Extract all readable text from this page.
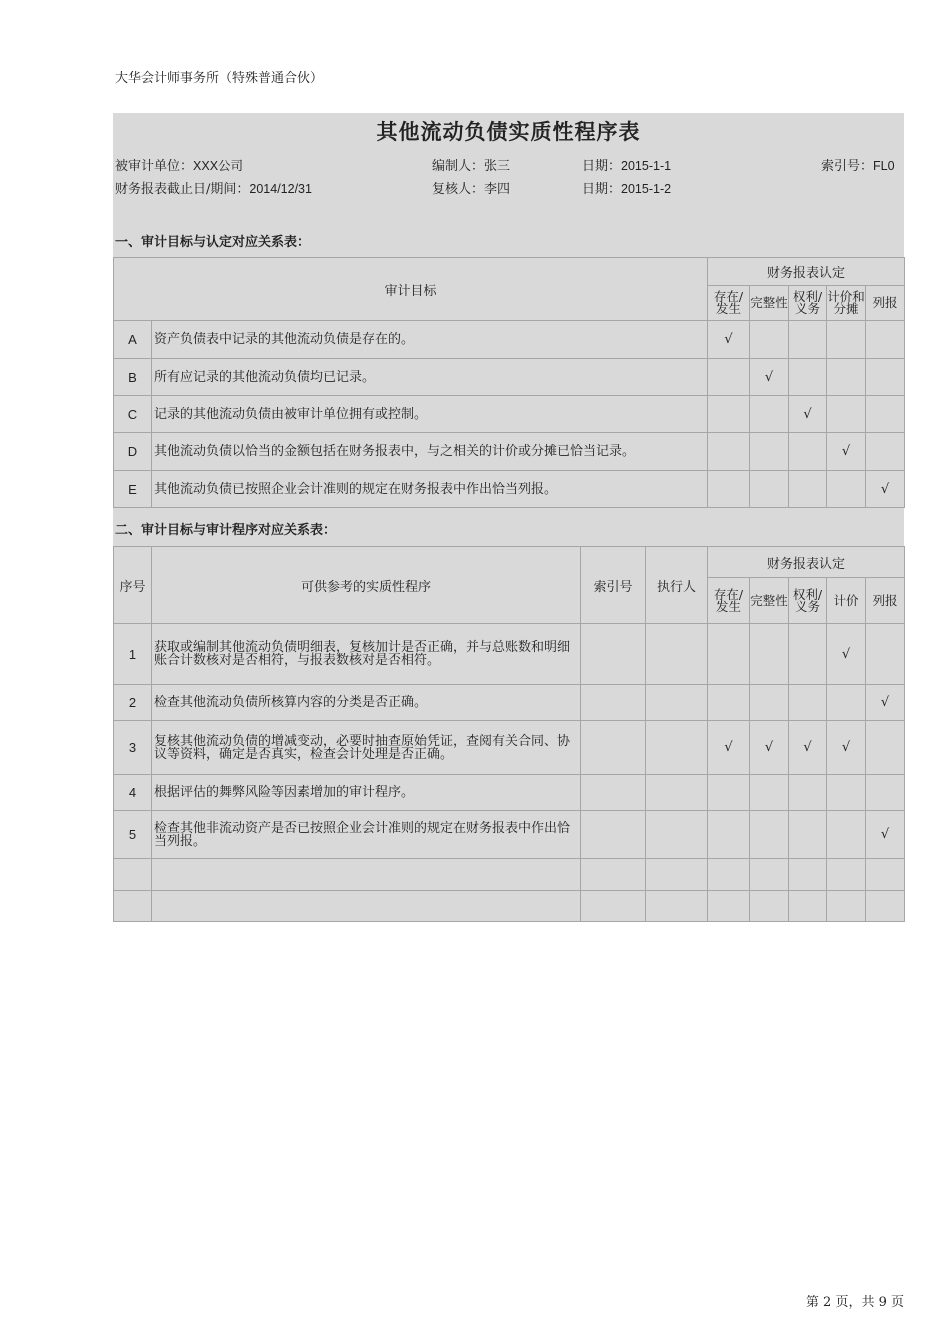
大华会计师事务所（特殊普通合伙）
其他流动负债实质性程序表
被审计单位：XXX公司	编制人：张三	日期：2015-1-1	索引号：FL0
财务报表截止日/期间：2014/12/31	复核人：李四	日期：2015-1-2
一、审计目标与认定对应关系表：
审计目标		财务报表认定				
		存在/发生	完整性	权利/义务	计价和分摊	列报
A	资产负债表中记录的其他流动负债是存在的。	√				
B	所有应记录的其他流动负债均已记录。		√			
C	记录的其他流动负债由被审计单位拥有或控制。			√		
D	其他流动负债以恰当的金额包括在财务报表中，与之相关的计价或分摊已恰当记录。				√	
E	其他流动负债已按照企业会计准则的规定在财务报表中作出恰当列报。					√
二、审计目标与审计程序对应关系表：
序号	可供参考的实质性程序	索引号	执行人	财务报表认定				
				存在/发生	完整性	权利/义务	计价	列报
1	获取或编制其他流动负债明细表，复核加计是否正确，并与总账数和明细账合计数核对是否相符，与报表数核对是否相符。						√	
2	检查其他流动负债所核算内容的分类是否正确。							√
3	复核其他流动负债的增减变动，必要时抽查原始凭证，查阅有关合同、协议等资料，确定是否真实，检查会计处理是否正确。			√	√	√	√	
4	根据评估的舞弊风险等因素增加的审计程序。							
5	检查其他非流动资产是否已按照企业会计准则的规定在财务报表中作出恰当列报。							√

第 2 页，共 9 页
